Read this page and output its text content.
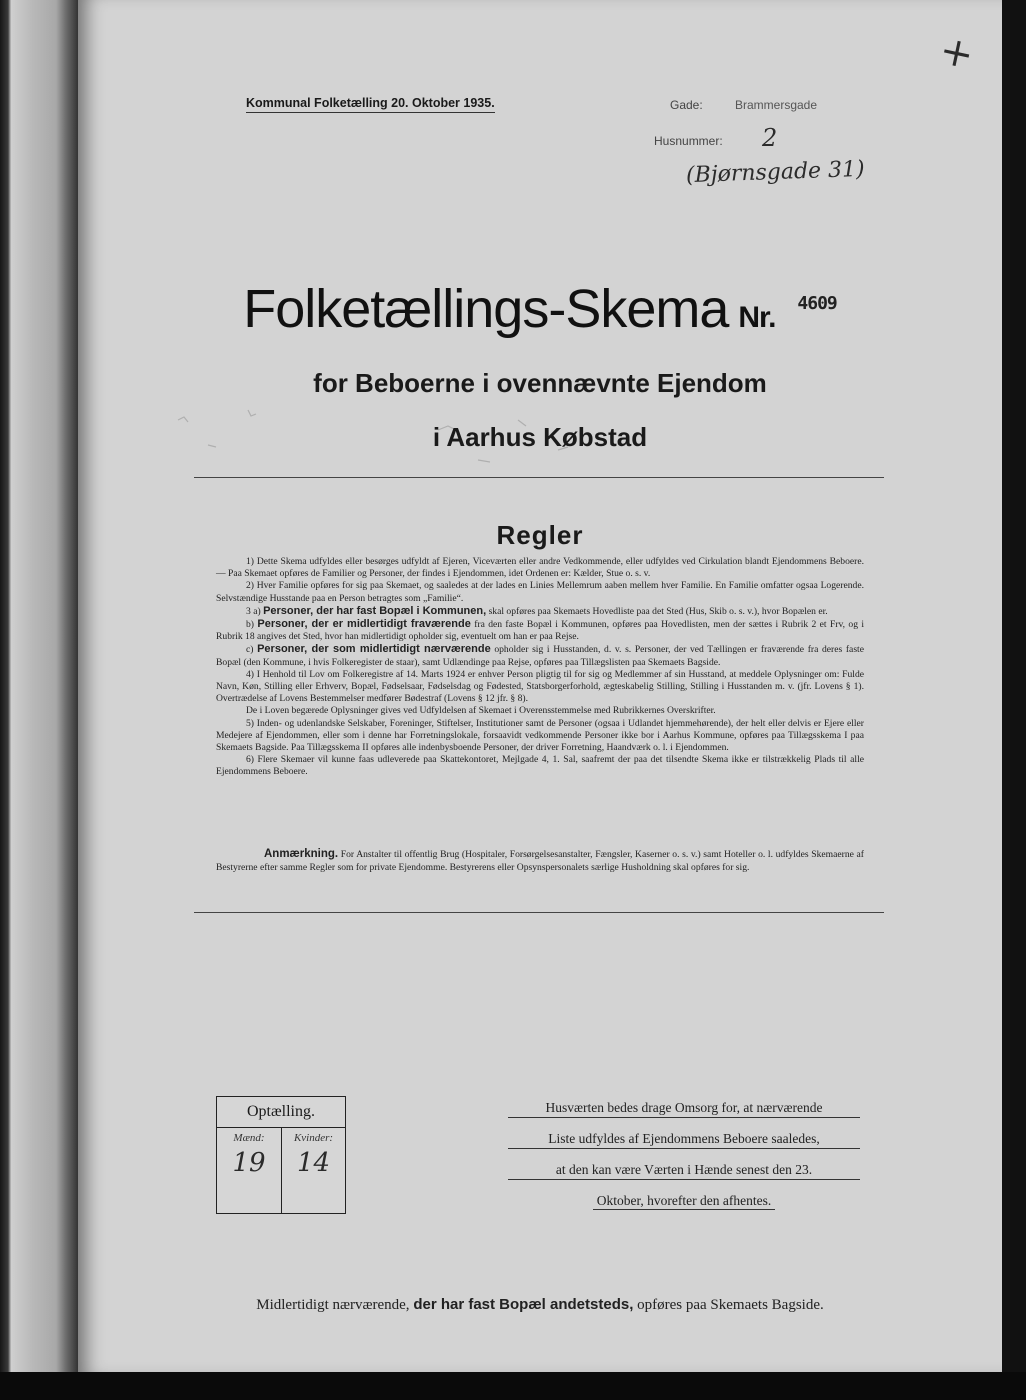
Kommunal Folketælling 20. Oktober 1935.	Gade:	Brammersgade
Husnummer: 2
(Bjørnsgade 31)
+
Folketællings-Skema Nr. $^{4609}$
for Beboerne i ovennævnte Ejendom
i Aarhus Købstad
Regler

1) Dette Skema udfyldes eller besørges udfyldt af Ejeren, Viceværten eller andre Vedkommende, eller udfyldes ved Cirkulation blandt Ejendommens Beboere. — Paa Skemaet opføres de Familier og Personer, der findes i Ejendommen, idet Ordenen er: Kælder, Stue o. s. v.

2) Hver Familie opføres for sig paa Skemaet, og saaledes at der lades en Linies Mellemrum aaben mellem hver Familie. En Familie omfatter ogsaa Logerende. Selvstændige Husstande paa en Person betragtes som „Familie“.

3 a) Personer, der har fast Bopæl i Kommunen, skal opføres paa Skemaets Hovedliste paa det Sted (Hus, Skib o. s. v.), hvor Bopælen er.

b) Personer, der er midlertidigt fraværende fra den faste Bopæl i Kommunen, opføres paa Hovedlisten, men der sættes i Rubrik 2 et Frv, og i Rubrik 18 angives det Sted, hvor han midlertidigt opholder sig, eventuelt om han er paa Rejse.

c) Personer, der som midlertidigt nærværende opholder sig i Husstanden, d. v. s. Personer, der ved Tællingen er fraværende fra deres faste Bopæl (den Kommune, i hvis Folkeregister de staar), samt Udlændinge paa Rejse, opføres paa Tillægslisten paa Skemaets Bagside.

4) I Henhold til Lov om Folkeregistre af 14. Marts 1924 er enhver Person pligtig til for sig og Medlemmer af sin Husstand, at meddele Oplysninger om: Fulde Navn, Køn, Stilling eller Erhverv, Bopæl, Fødselsaar, Fødselsdag og Fødested, Statsborgerforhold, ægteskabelig Stilling, Stilling i Husstanden m. v. (jfr. Lovens § 1). Overtrædelse af Lovens Bestemmelser medfører Bødestraf (Lovens § 12 jfr. § 8).

De i Loven begærede Oplysninger gives ved Udfyldelsen af Skemaet i Overensstemmelse med Rubrikkernes Overskrifter.

5) Inden- og udenlandske Selskaber, Foreninger, Stiftelser, Institutioner samt de Personer (ogsaa i Udlandet hjemmehørende), der helt eller delvis er Ejere eller Medejere af Ejendommen, eller som i denne har Forretningslokale, forsaavidt vedkommende Personer ikke bor i Aarhus Kommune, opføres paa Tillægsskema I paa Skemaets Bagside. Paa Tillægsskema II opføres alle indenbysboende Personer, der driver Forretning, Haandværk o. l. i Ejendommen.

6) Flere Skemaer vil kunne faas udleverede paa Skattekontoret, Mejlgade 4, 1. Sal, saafremt der paa det tilsendte Skema ikke er tilstrækkelig Plads til alle Ejendommens Beboere.

Anmærkning. For Anstalter til offentlig Brug (Hospitaler, Forsørgelsesanstalter, Fængsler, Kaserner o. s. v.) samt Hoteller o. l. udfyldes Skemaerne af Bestyrerne efter samme Regler som for private Ejendomme. Bestyrerens eller Opsynspersonalets særlige Husholdning skal opføres for sig.

Optælling.
Mænd:
19
Kvinder:
14
Husværten bedes drage Omsorg for, at nærværende
Liste udfyldes af Ejendommens Beboere saaledes,
at den kan være Værten i Hænde senest den 23.
Oktober, hvorefter den afhentes.
Midlertidigt nærværende, der har fast Bopæl andetsteds, opføres paa Skemaets Bagside.
